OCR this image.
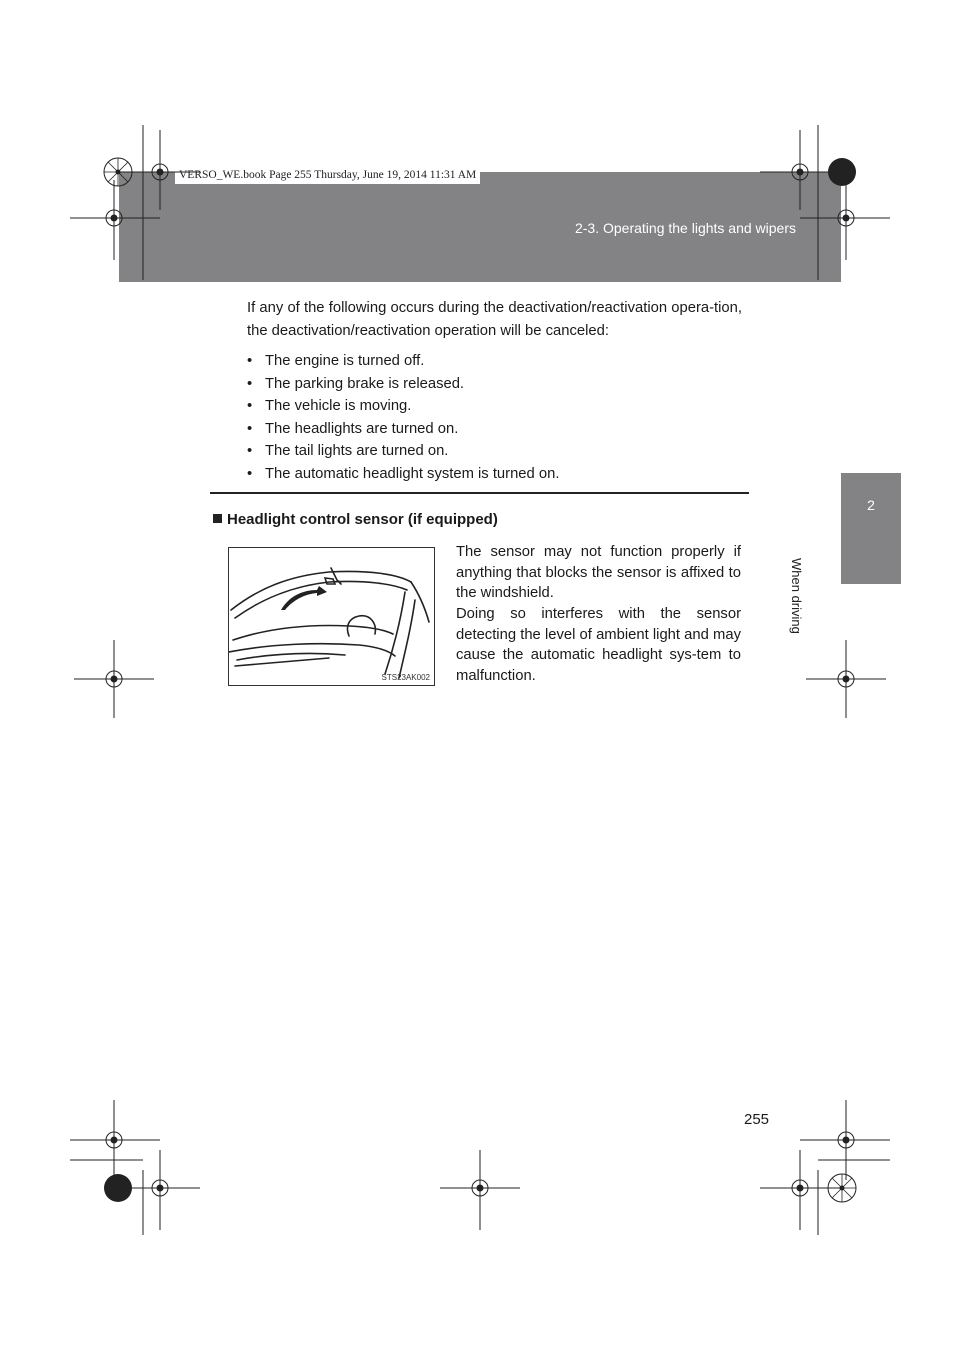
2-3. Operating the lights and wipers
VERSO_WE.book Page 255 Thursday, June 19, 2014 11:31 AM
2
When driving
If any of the following occurs during the deactivation/reactivation opera-tion, the deactivation/reactivation operation will be canceled:
• The engine is turned off.
• The parking brake is released.
• The vehicle is moving.
• The headlights are turned on.
• The tail lights are turned on.
• The automatic headlight system is turned on.
Headlight control sensor (if equipped)
STS23AK002
The sensor may not function properly if anything that blocks the sensor is affixed to the windshield.
Doing so interferes with the sensor detecting the level of ambient light and may cause the automatic headlight sys-tem to malfunction.
255
